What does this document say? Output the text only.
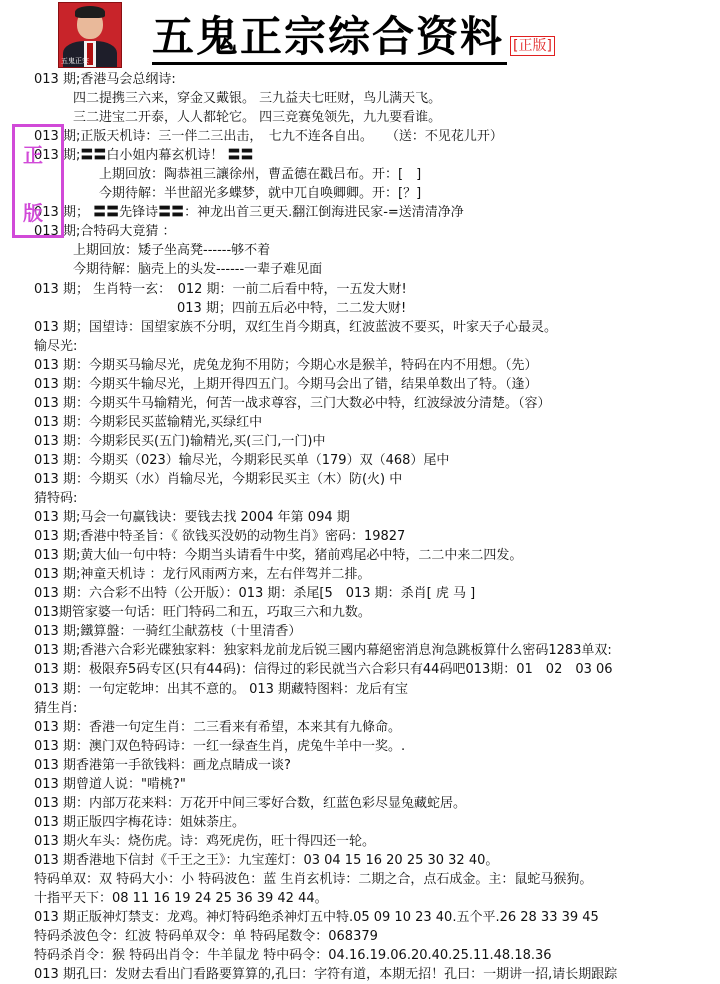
五鬼正宗 五鬼正宗综合资料 [正版]
013 期;香港马会总纲诗:
　　　四二提携三六来，穿金又戴银。 三九益夫七旺财，鸟儿满天飞。
　　　三二进宝二开泰，人人都轮它。 四三竞赛兔领先，九九要看谁。
013 期;正版天机诗：三一伴二三出击，　七九不连各自出。　　（送：不见花儿开）
013 期;〓〓白小姐内幕玄机诗！ 〓〓
　　　　　上期回放：陶恭祖三讓徐州，曹孟德在戳吕布。开：[　]
　　　　　今期待解：半世韶光多蝶梦，就中兀自唤卿卿。开：[？]
013 期； 〓〓先锋诗〓〓：神龙出首三更天.翻江倒海进民家-=送清清净净
013 期;合特码大竟猜 ：
　　　上期回放：矮子坐高凳------够不着
　　　今期待解：脑壳上的头发------一辈子难见面
013 期； 生肖特一玄：　012 期：一前二后看中特，一五发大财!
　　　　　　　　　　　013 期；四前五后必中特，二二发大财!
013 期；国望诗：国望家族不分明，双红生肖今期真，红波蓝波不要买，叶家天子心最灵。
输尽光:
013 期：今期买马输尽光，虎兔龙狗不用防；今期心水是猴羊，特码在内不用想。（先）
013 期：今期买牛输尽光，上期开得四五门。今期马会出了错，结果单数出了特。（逢）
013 期：今期买牛马输精光，何苦一战求尊容，三门大数必中特，红波绿波分清楚。（容）
013 期：今期彩民买蓝输精光,买绿红中
013 期：今期彩民买(五门)输精光,买(三门,一门)中
013 期：今期买（023）输尽光，今期彩民买单（179）双（468）尾中
013 期：今期买（水）肖输尽光，今期彩民买主（木）防(火) 中
猜特码:
013 期;马会一句赢钱诀：要钱去找 2004 年第 094 期
013 期;香港中特圣旨：《 欲钱买没奶的动物生肖》密码：19827
013 期;黄大仙一句中特：今期当头请看牛中奖，猪前鸡尾必中特，二二中来二四发。
013 期;神童天机诗 ：龙行风雨两方来，左右伴驾并二排。
013 期：六合彩不出特（公开版）：013 期：杀尾[5　013 期：杀肖[ 虎 马 ]
013期管家婆一句话：旺门特码二和五，巧取三六和九数。
013 期;鐵算盤：一骑红尘献荔枝（十里清香）
013 期;香港六合彩光碟独家料：独家料龙前龙后锐三國内幕絕密消息洵急跳板算什么密码1283单双:
013 期：极限弃5码专区(只有44码)：信得过的彩民就当六合彩只有44码吧013期：01　02　03 06
013 期：一句定乾坤：出其不意的。 013 期藏特图料：龙后有宝
猜生肖:
013 期：香港一句定生肖：二三看来有希望，本来其有九條命。
013 期：澳门双色特码诗：一红一绿查生肖，虎兔牛羊中一奖。.
013 期香港第一手欲钱料：画龙点睛成一谈?
013 期曾道人说："啃桃?"
013 期：内部万花来料：万花开中间三零好合数，红蓝色彩尽显兔藏蛇居。
013 期正版四字梅花诗：姐妹荼庄。
013 期火车头：烧伤虎。诗：鸡死虎伤，旺十得四还一轮。
013 期香港地下信封《千王之王》：九宝莲灯：03 04 15 16 20 25 30 32 40。
特码单双：双 特码大小：小 特码波色：蓝 生肖玄机诗：二期之合，点石成金。主：鼠蛇马猴狗。
十指平天下：08 11 16 19 24 25 36 39 42 44。
013 期正版神灯禁支：龙鸡。神灯特码绝杀神灯五中特.05 09 10 23 40.五个平.26 28 33 39 45
特码杀波色令：红波 特码单双令：单 特码尾数令：068379
特码杀肖令：猴 特码出肖令：牛羊鼠龙 特中码令：04.16.19.06.20.40.25.11.48.18.36
013 期孔曰：发财去看出门看路要算算的,孔曰：字符有道，本期无招！孔曰：一期讲一招,请长期跟踪
正
版
